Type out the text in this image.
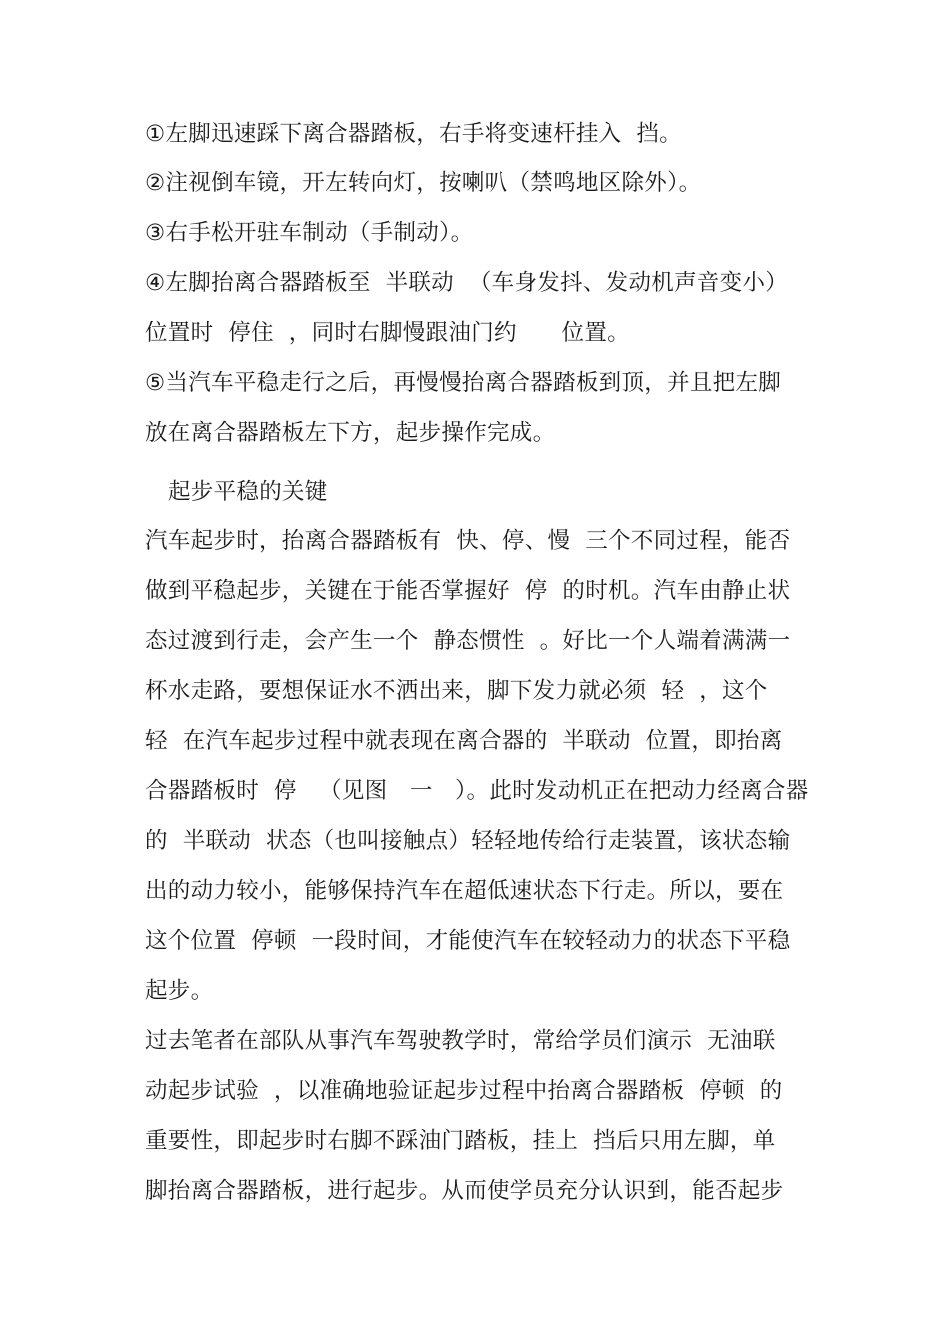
①左脚迅速踩下离合器踏板，右手将变速杆挂入  挡。
②注视倒车镜，开左转向灯，按喇叭（禁鸣地区除外）。
③右手松开驻车制动（手制动）。
④左脚抬离合器踏板至  半联动  （车身发抖、发动机声音变小）
位置时  停住  ，同时右脚慢跟油门约      位置。
⑤当汽车平稳走行之后，再慢慢抬离合器踏板到顶，并且把左脚
放在离合器踏板左下方，起步操作完成。
起步平稳的关键
汽车起步时，抬离合器踏板有  快、停、慢  三个不同过程，能否
做到平稳起步，关键在于能否掌握好  停  的时机。汽车由静止状
态过渡到行走，会产生一个  静态惯性  。好比一个人端着满满一
杯水走路，要想保证水不洒出来，脚下发力就必须  轻  ，这个
轻  在汽车起步过程中就表现在离合器的  半联动  位置，即抬离
合器踏板时  停   （见图   一   ）。此时发动机正在把动力经离合器
的  半联动  状态（也叫接触点）轻轻地传给行走装置，该状态输
出的动力较小，能够保持汽车在超低速状态下行走。所以，要在
这个位置  停顿  一段时间，才能使汽车在较轻动力的状态下平稳
起步。
过去笔者在部队从事汽车驾驶教学时，常给学员们演示  无油联
动起步试验  ，以准确地验证起步过程中抬离合器踏板  停顿  的
重要性，即起步时右脚不踩油门踏板，挂上  挡后只用左脚，单
脚抬离合器踏板，进行起步。从而使学员充分认识到，能否起步
